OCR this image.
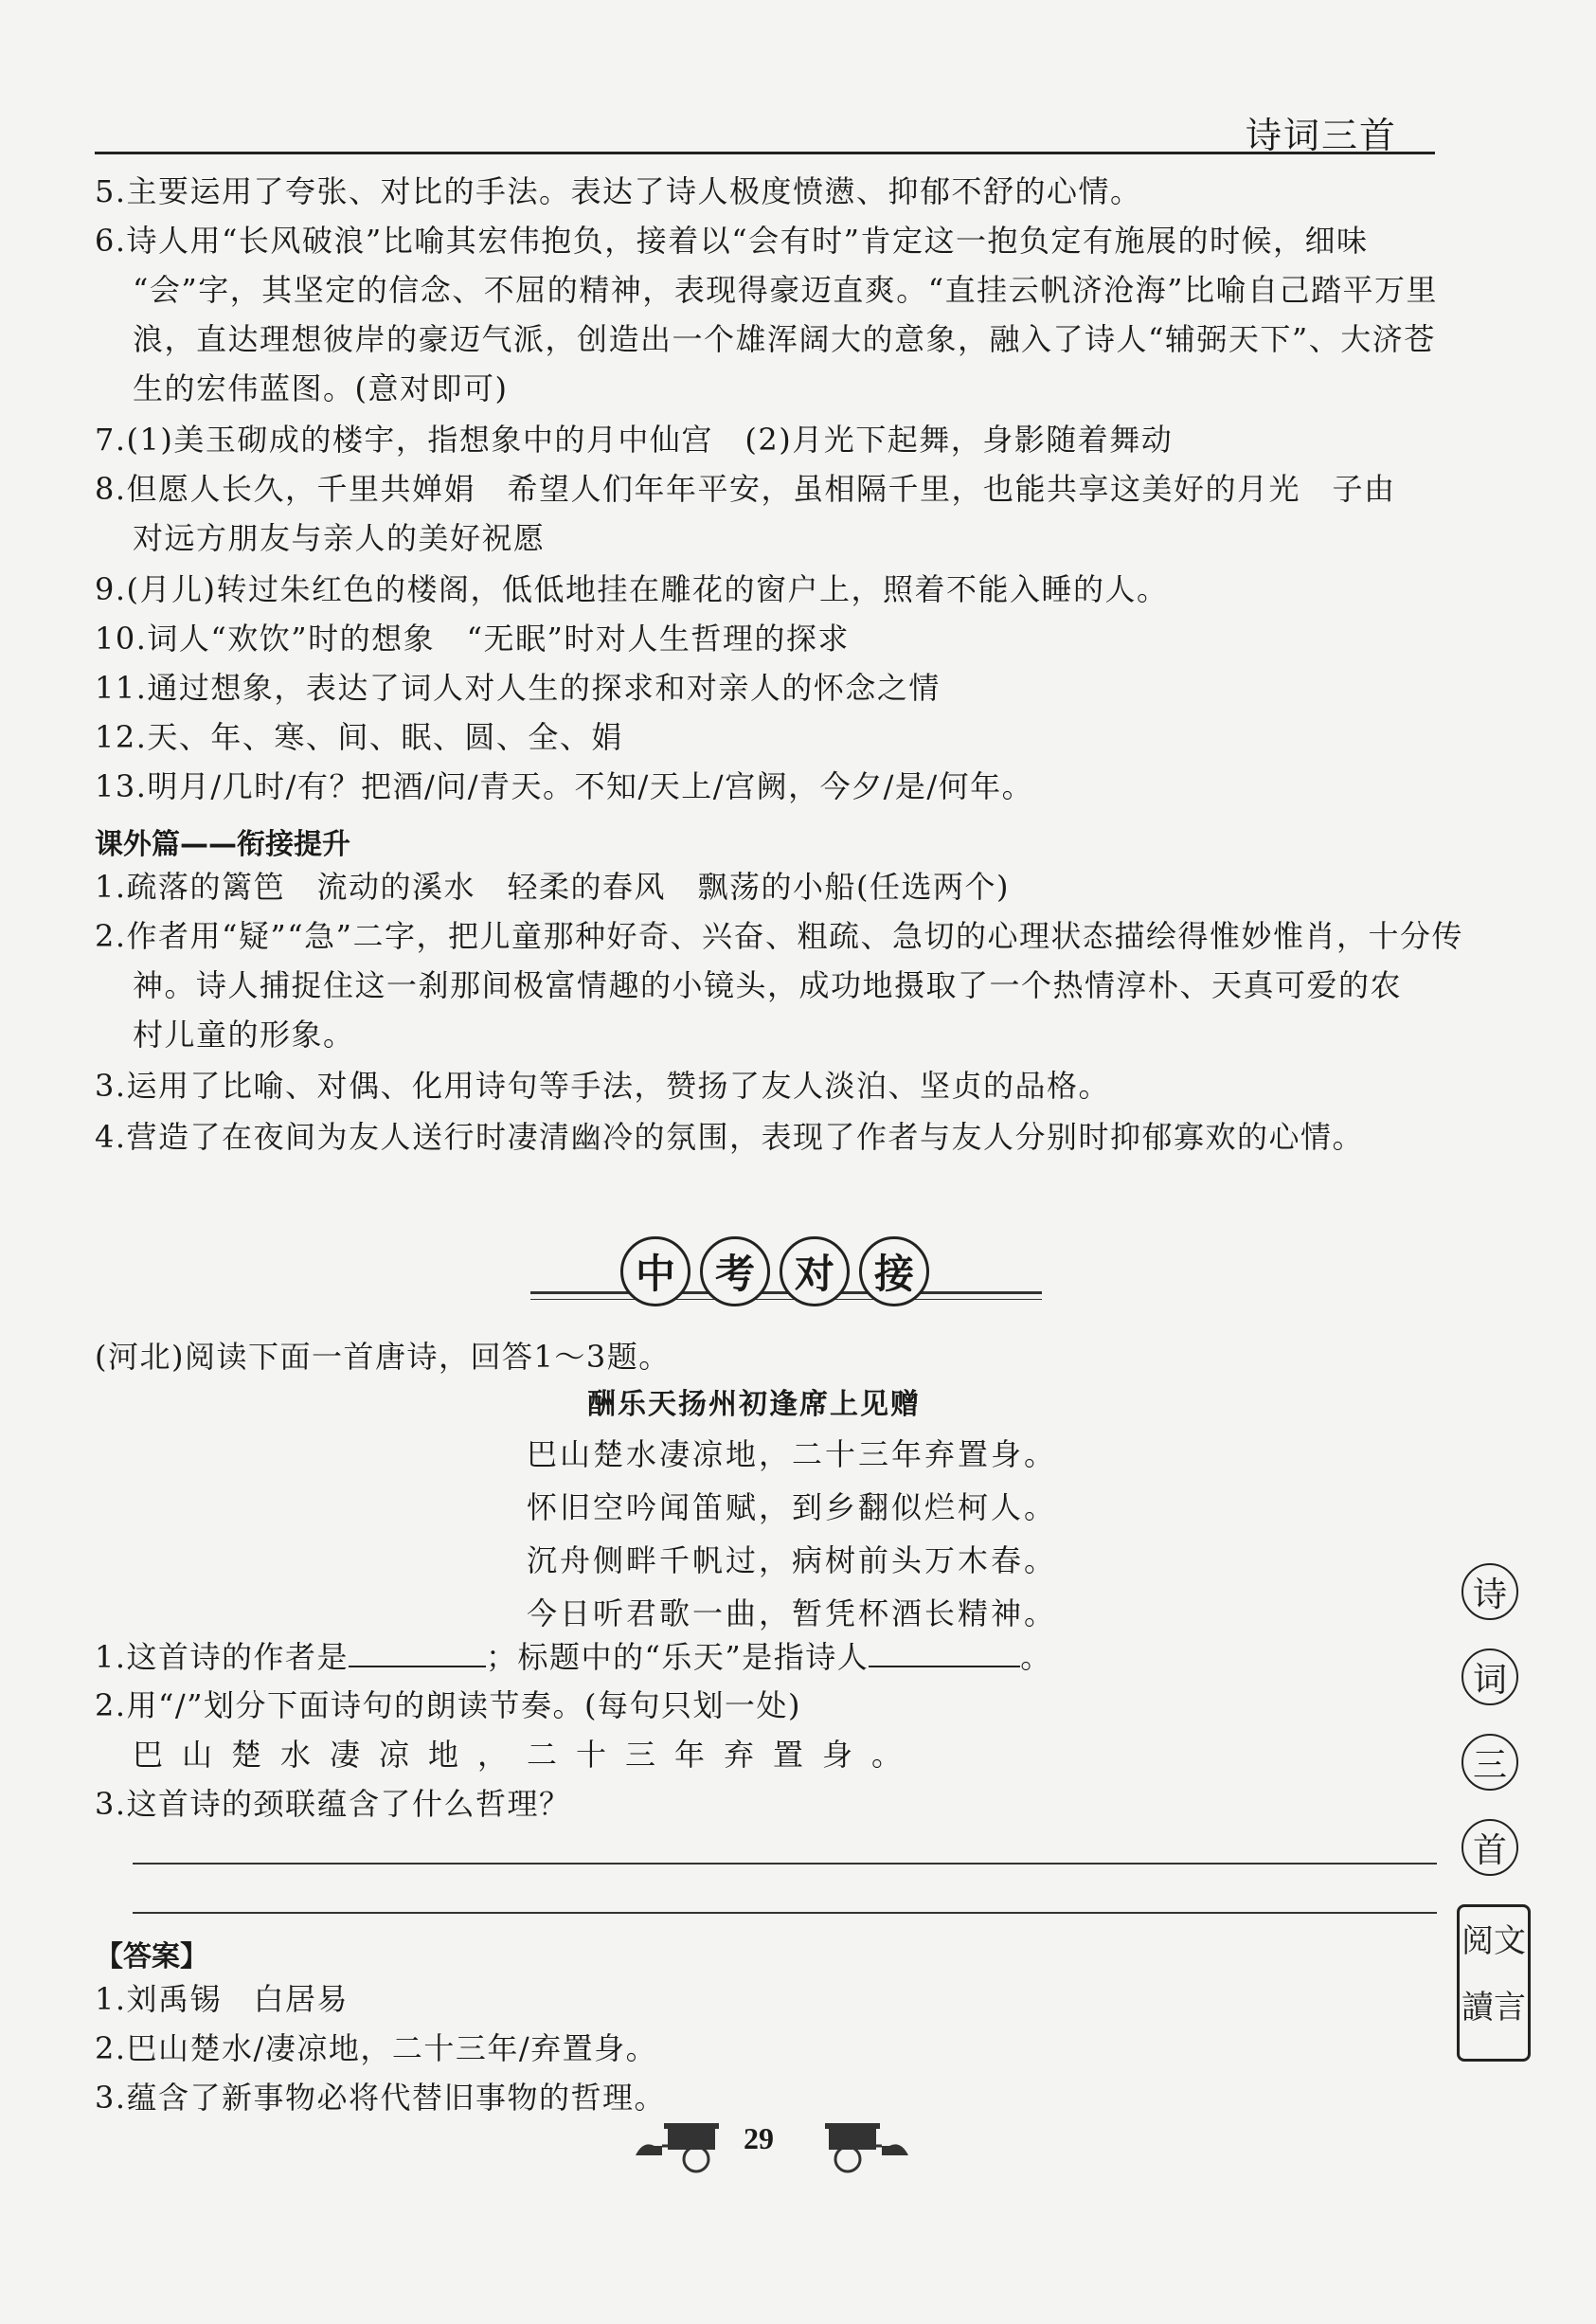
诗词三首
5.主要运用了夸张、对比的手法。表达了诗人极度愤懑、抑郁不舒的心情。
6.诗人用“长风破浪”比喻其宏伟抱负，接着以“会有时”肯定这一抱负定有施展的时候，细味
“会”字，其坚定的信念、不屈的精神，表现得豪迈直爽。“直挂云帆济沧海”比喻自己踏平万里
浪，直达理想彼岸的豪迈气派，创造出一个雄浑阔大的意象，融入了诗人“辅弼天下”、大济苍
生的宏伟蓝图。(意对即可)
7.(1)美玉砌成的楼宇，指想象中的月中仙宫　(2)月光下起舞，身影随着舞动
8.但愿人长久，千里共婵娟　希望人们年年平安，虽相隔千里，也能共享这美好的月光　子由
对远方朋友与亲人的美好祝愿
9.(月儿)转过朱红色的楼阁，低低地挂在雕花的窗户上，照着不能入睡的人。
10.词人“欢饮”时的想象　“无眠”时对人生哲理的探求
11.通过想象，表达了词人对人生的探求和对亲人的怀念之情
12.天、年、寒、间、眠、圆、全、娟
13.明月/几时/有？把酒/问/青天。不知/天上/宫阙，今夕/是/何年。
课外篇——衔接提升
1.疏落的篱笆　流动的溪水　轻柔的春风　飘荡的小船(任选两个)
2.作者用“疑”“急”二字，把儿童那种好奇、兴奋、粗疏、急切的心理状态描绘得惟妙惟肖，十分传
神。诗人捕捉住这一刹那间极富情趣的小镜头，成功地摄取了一个热情淳朴、天真可爱的农
村儿童的形象。
3.运用了比喻、对偶、化用诗句等手法，赞扬了友人淡泊、坚贞的品格。
4.营造了在夜间为友人送行时凄清幽冷的氛围，表现了作者与友人分别时抑郁寡欢的心情。
中 考 对 接
(河北)阅读下面一首唐诗，回答1～3题。
酬乐天扬州初逢席上见赠
巴山楚水凄凉地，二十三年弃置身。
怀旧空吟闻笛赋，到乡翻似烂柯人。
沉舟侧畔千帆过，病树前头万木春。
今日听君歌一曲，暂凭杯酒长精神。
1.这首诗的作者是	；标题中的“乐天”是指诗人	。
2.用“/”划分下面诗句的朗读节奏。(每句只划一处)
巴山楚水凄凉地，二十三年弃置身。
3.这首诗的颈联蕴含了什么哲理？
【答案】
1.刘禹锡　白居易
2.巴山楚水/凄凉地，二十三年/弃置身。
3.蕴含了新事物必将代替旧事物的哲理。
诗
词
三
首
文
言
阅
讀
29
